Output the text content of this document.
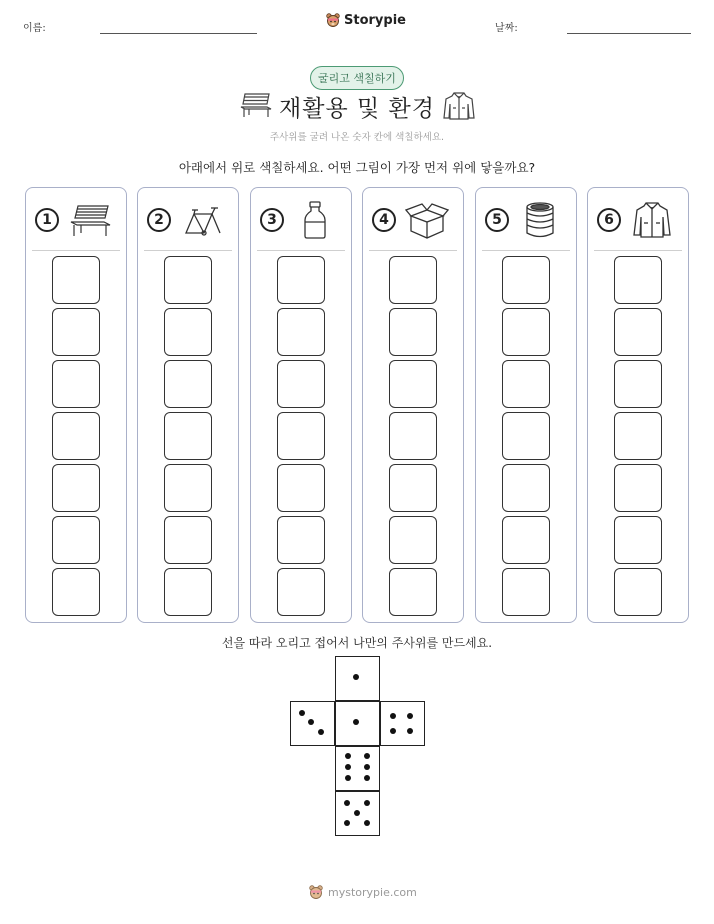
이름:
Storypie
날짜:
굴리고 색칠하기
재활용 및 환경
주사위를 굴려 나온 숫자 칸에 색칠하세요.
아래에서 위로 색칠하세요. 어떤 그림이 가장 먼저 위에 닿을까요?
1	2	3	4	5	6
선을 따라 오리고 접어서 나만의 주사위를 만드세요.
mystorypie.com
